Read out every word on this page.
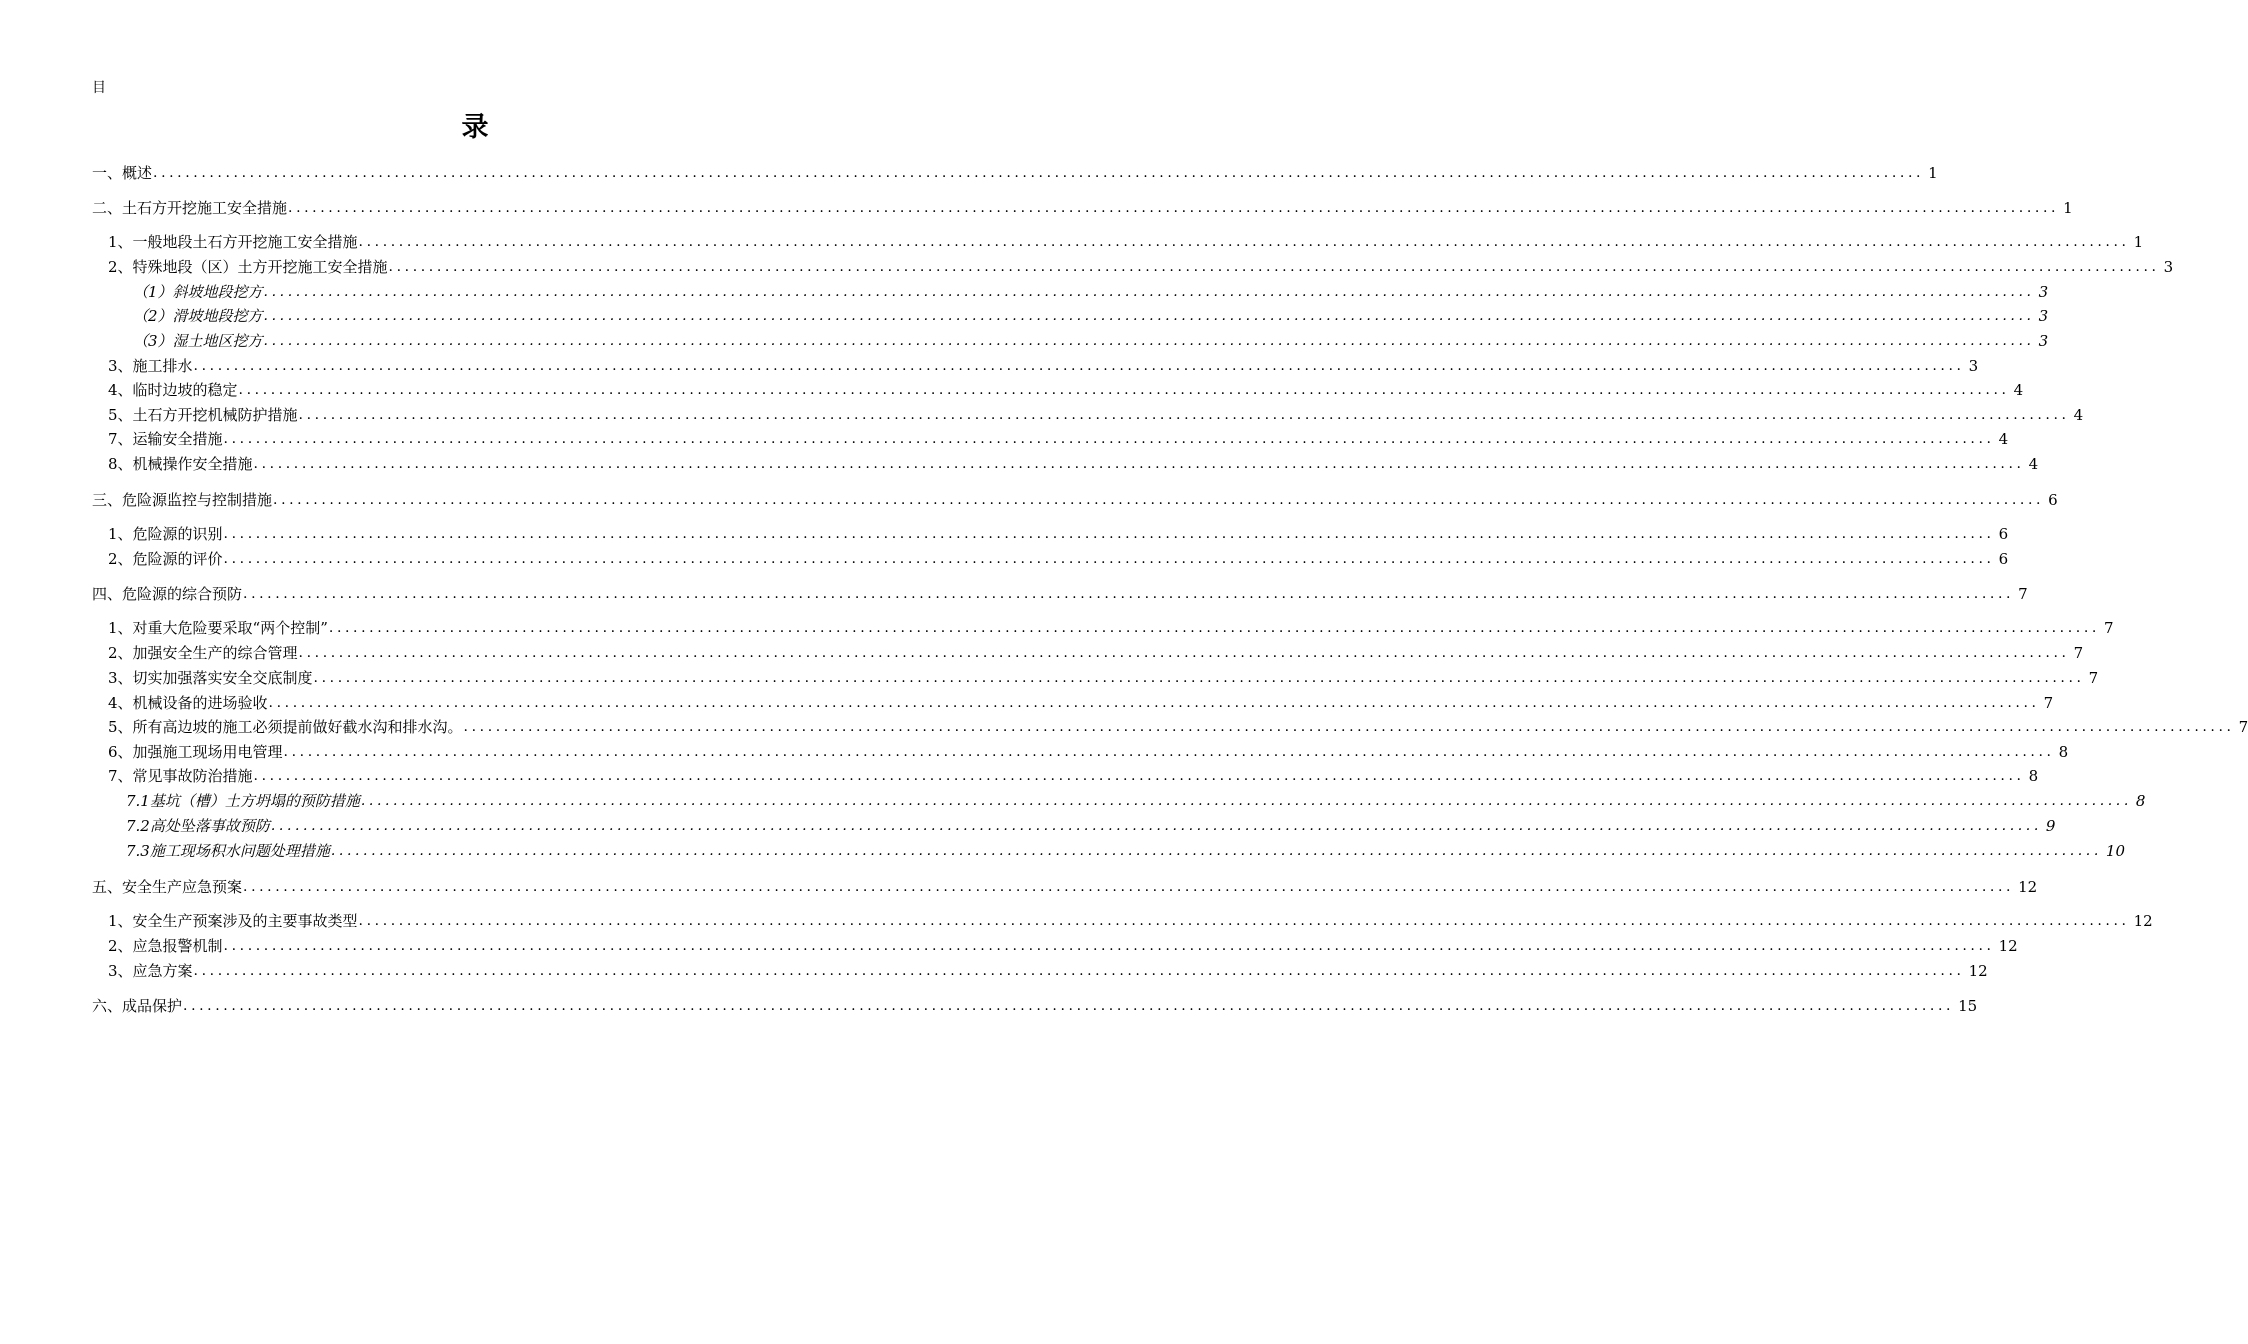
目
录
一、概述 ............................................................................................................................................................................................................................ 1
二、土石方开挖施工安全措施 ............................................................................................................................................................................................................................ 1
1、一般地段土石方开挖施工安全措施 ............................................................................................................................................................................................................................ 1
2、特殊地段（区）土方开挖施工安全措施 ............................................................................................................................................................................................................................ 3
（1）斜坡地段挖方 ............................................................................................................................................................................................................................ 3
（2）滑坡地段挖方 ............................................................................................................................................................................................................................ 3
（3）湿土地区挖方 ............................................................................................................................................................................................................................ 3
3、施工排水 ............................................................................................................................................................................................................................ 3
4、临时边坡的稳定 ............................................................................................................................................................................................................................ 4
5、土石方开挖机械防护措施 ............................................................................................................................................................................................................................ 4
7、运输安全措施 ............................................................................................................................................................................................................................ 4
8、机械操作安全措施 ............................................................................................................................................................................................................................ 4
三、危险源监控与控制措施 ............................................................................................................................................................................................................................ 6
1、危险源的识别 ............................................................................................................................................................................................................................ 6
2、危险源的评价 ............................................................................................................................................................................................................................ 6
四、危险源的综合预防 ............................................................................................................................................................................................................................ 7
1、对重大危险要采取“两个控制” ............................................................................................................................................................................................................................ 7
2、加强安全生产的综合管理 ............................................................................................................................................................................................................................ 7
3、切实加强落实安全交底制度 ............................................................................................................................................................................................................................ 7
4、机械设备的进场验收 ............................................................................................................................................................................................................................ 7
5、所有高边坡的施工必须提前做好截水沟和排水沟。 ............................................................................................................................................................................................................................ 7
6、加强施工现场用电管理 ............................................................................................................................................................................................................................ 8
7、常见事故防治措施 ............................................................................................................................................................................................................................ 8
7.1基坑（槽）土方坍塌的预防措施 ............................................................................................................................................................................................................................ 8
7.2高处坠落事故预防 ............................................................................................................................................................................................................................ 9
7.3施工现场积水问题处理措施 ............................................................................................................................................................................................................................ 10
五、安全生产应急预案 ............................................................................................................................................................................................................................ 12
1、安全生产预案涉及的主要事故类型 ............................................................................................................................................................................................................................ 12
2、应急报警机制 ............................................................................................................................................................................................................................ 12
3、应急方案 ............................................................................................................................................................................................................................ 12
六、成品保护 ............................................................................................................................................................................................................................ 15
